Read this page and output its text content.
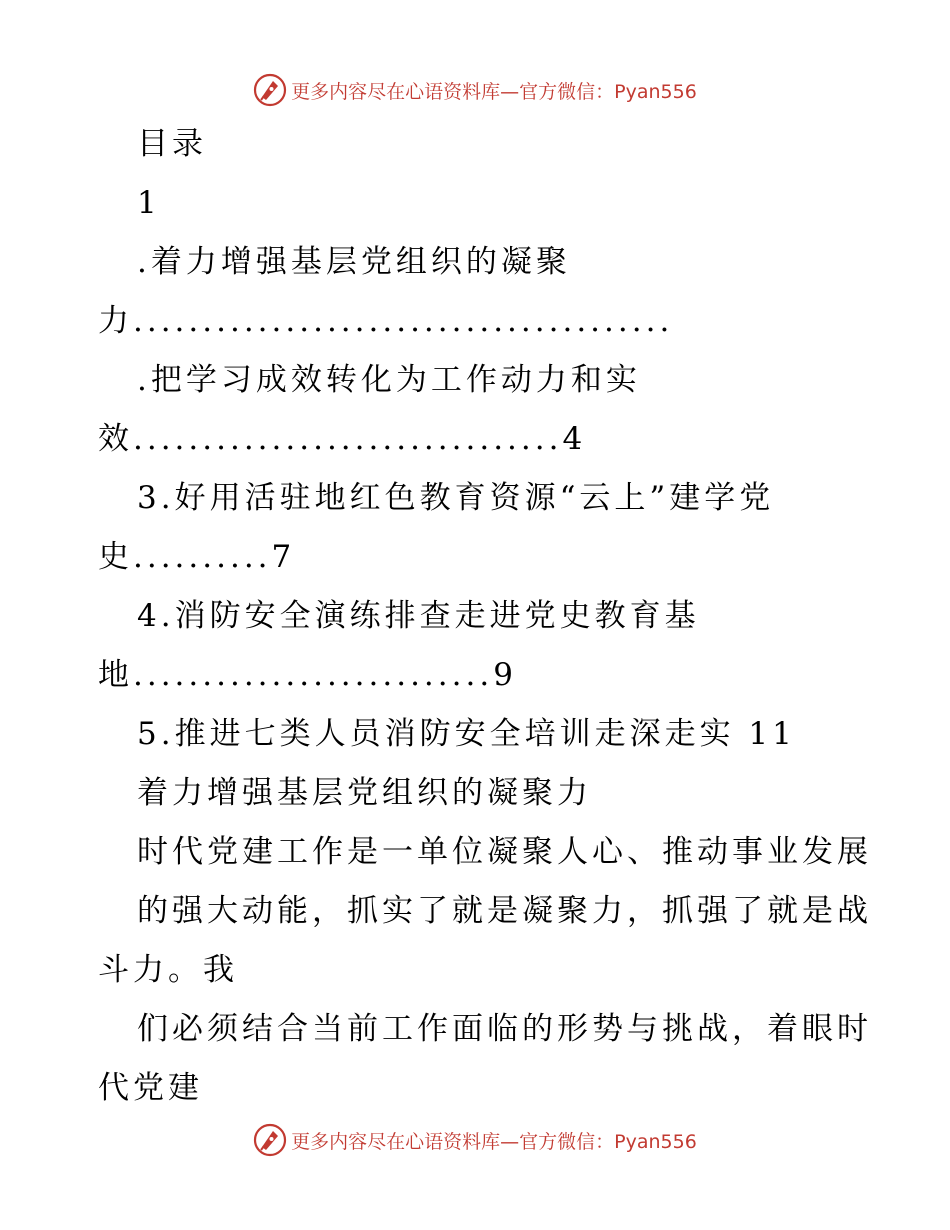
更多内容尽在心语资料库—官方微信：Pyan556
目录
1
.着力增强基层党组织的凝聚
力.......................................
.把学习成效转化为工作动力和实
效...............................4
3.好用活驻地红色教育资源“云上”建学党
史..........7
4.消防安全演练排查走进党史教育基
地..........................9
5.推进七类人员消防安全培训走深走实 11
着力增强基层党组织的凝聚力
时代党建工作是一单位凝聚人心、推动事业发展
的强大动能，抓实了就是凝聚力，抓强了就是战
斗力。我
们必须结合当前工作面临的形势与挑战，着眼时
代党建
更多内容尽在心语资料库—官方微信：Pyan556
